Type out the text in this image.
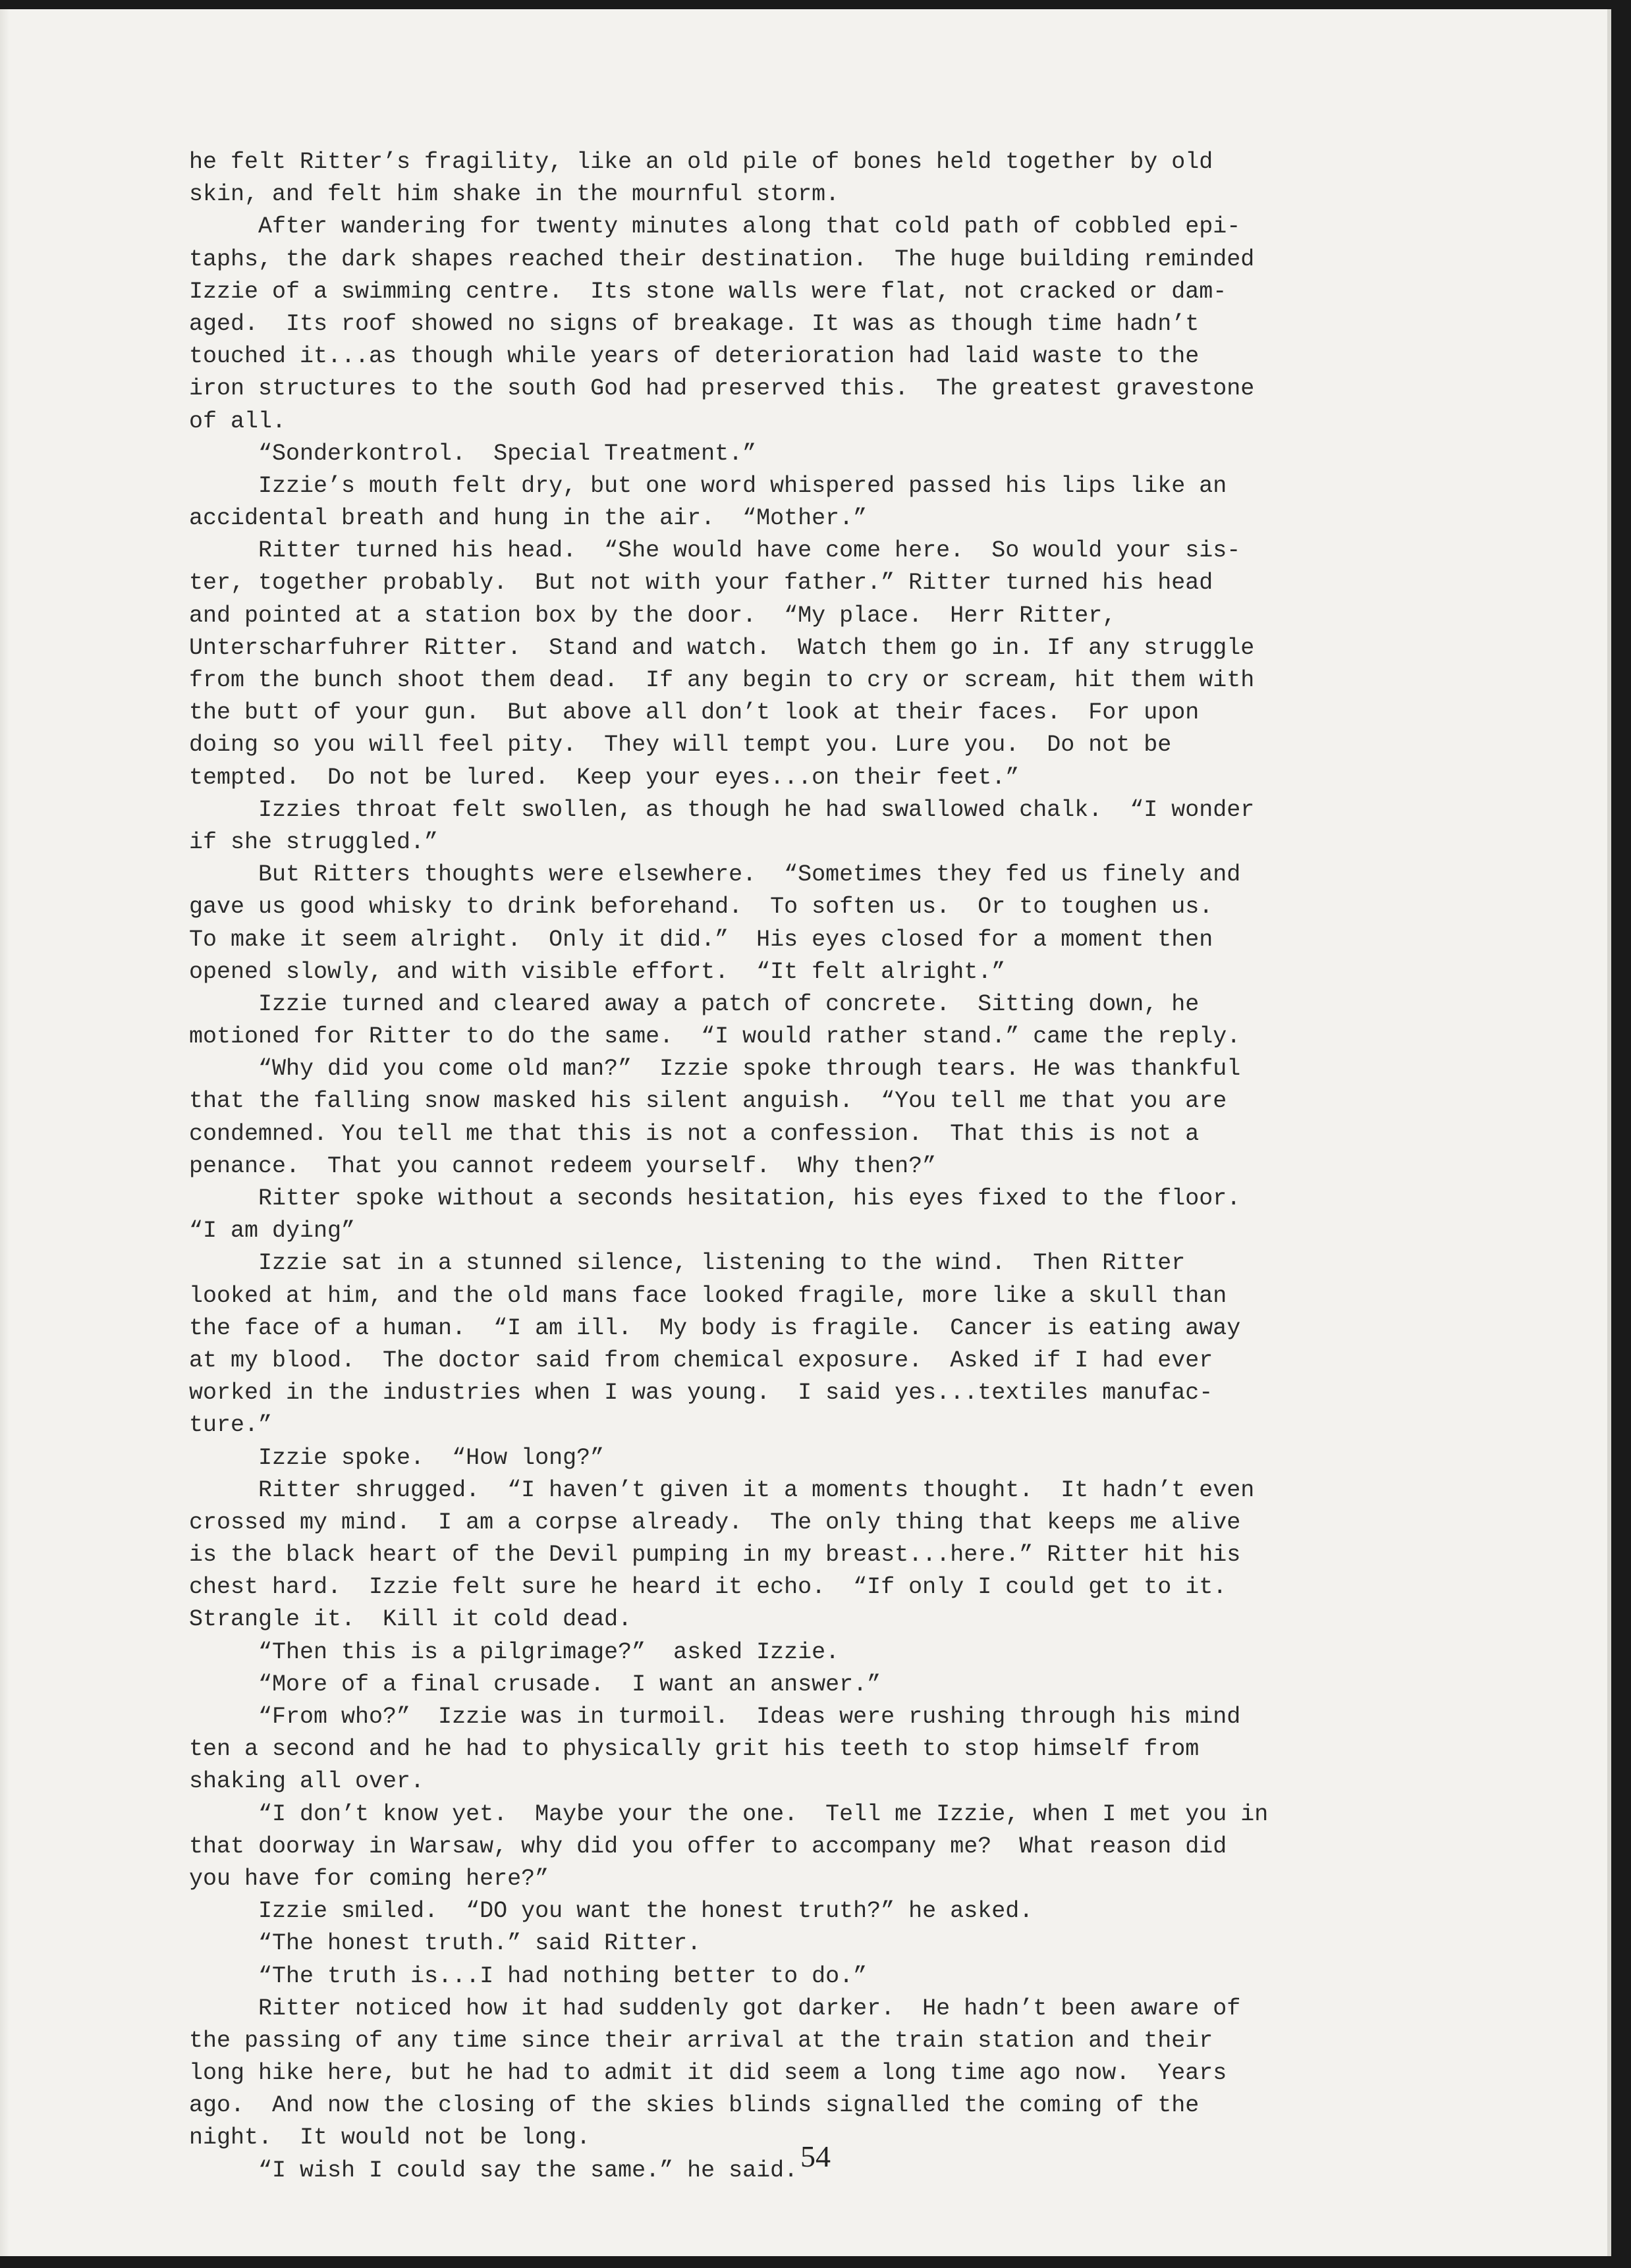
he felt Ritter’s fragility, like an old pile of bones held together by old
skin, and felt him shake in the mournful storm.
After wandering for twenty minutes along that cold path of cobbled epi-
taphs, the dark shapes reached their destination.  The huge building reminded
Izzie of a swimming centre.  Its stone walls were flat, not cracked or dam-
aged.  Its roof showed no signs of breakage. It was as though time hadn’t
touched it...as though while years of deterioration had laid waste to the
iron structures to the south God had preserved this.  The greatest gravestone
of all.
“Sonderkontrol.  Special Treatment.”
Izzie’s mouth felt dry, but one word whispered passed his lips like an
accidental breath and hung in the air.  “Mother.”
Ritter turned his head.  “She would have come here.  So would your sis-
ter, together probably.  But not with your father.” Ritter turned his head
and pointed at a station box by the door.  “My place.  Herr Ritter,
Unterscharfuhrer Ritter.  Stand and watch.  Watch them go in. If any struggle
from the bunch shoot them dead.  If any begin to cry or scream, hit them with
the butt of your gun.  But above all don’t look at their faces.  For upon
doing so you will feel pity.  They will tempt you. Lure you.  Do not be
tempted.  Do not be lured.  Keep your eyes...on their feet.”
Izzies throat felt swollen, as though he had swallowed chalk.  “I wonder
if she struggled.”
But Ritters thoughts were elsewhere.  “Sometimes they fed us finely and
gave us good whisky to drink beforehand.  To soften us.  Or to toughen us.
To make it seem alright.  Only it did.”  His eyes closed for a moment then
opened slowly, and with visible effort.  “It felt alright.”
Izzie turned and cleared away a patch of concrete.  Sitting down, he
motioned for Ritter to do the same.  “I would rather stand.” came the reply.
“Why did you come old man?”  Izzie spoke through tears. He was thankful
that the falling snow masked his silent anguish.  “You tell me that you are
condemned. You tell me that this is not a confession.  That this is not a
penance.  That you cannot redeem yourself.  Why then?”
Ritter spoke without a seconds hesitation, his eyes fixed to the floor.
“I am dying”
Izzie sat in a stunned silence, listening to the wind.  Then Ritter
looked at him, and the old mans face looked fragile, more like a skull than
the face of a human.  “I am ill.  My body is fragile.  Cancer is eating away
at my blood.  The doctor said from chemical exposure.  Asked if I had ever
worked in the industries when I was young.  I said yes...textiles manufac-
ture.”
Izzie spoke.  “How long?”
Ritter shrugged.  “I haven’t given it a moments thought.  It hadn’t even
crossed my mind.  I am a corpse already.  The only thing that keeps me alive
is the black heart of the Devil pumping in my breast...here.” Ritter hit his
chest hard.  Izzie felt sure he heard it echo.  “If only I could get to it.
Strangle it.  Kill it cold dead.
“Then this is a pilgrimage?”  asked Izzie.
“More of a final crusade.  I want an answer.”
“From who?”  Izzie was in turmoil.  Ideas were rushing through his mind
ten a second and he had to physically grit his teeth to stop himself from
shaking all over.
“I don’t know yet.  Maybe your the one.  Tell me Izzie, when I met you in
that doorway in Warsaw, why did you offer to accompany me?  What reason did
you have for coming here?”
Izzie smiled.  “DO you want the honest truth?” he asked.
“The honest truth.” said Ritter.
“The truth is...I had nothing better to do.”
Ritter noticed how it had suddenly got darker.  He hadn’t been aware of
the passing of any time since their arrival at the train station and their
long hike here, but he had to admit it did seem a long time ago now.  Years
ago.  And now the closing of the skies blinds signalled the coming of the
night.  It would not be long.
“I wish I could say the same.” he said. 54
